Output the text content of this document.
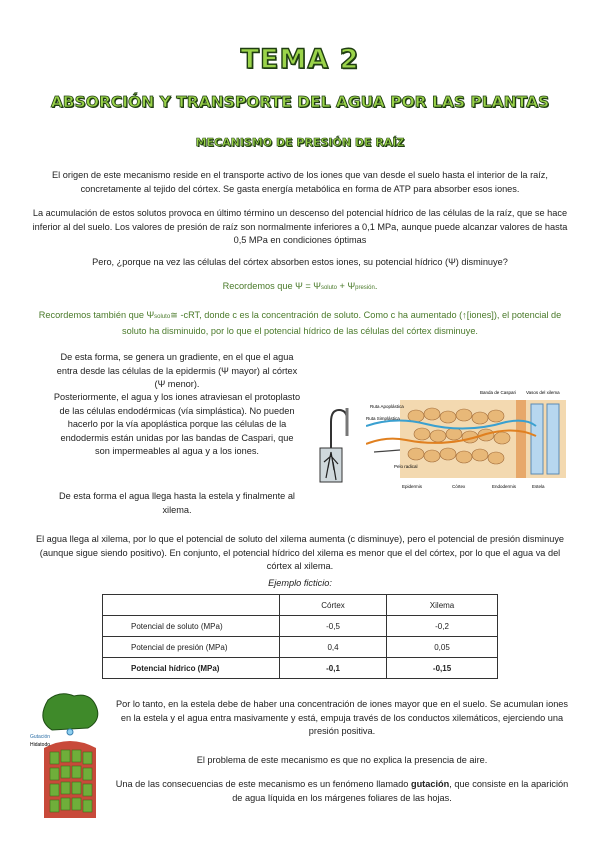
TEMA 2
ABSORCIÓN Y TRANSPORTE DEL AGUA POR LAS PLANTAS
MECANISMO DE PRESIÓN DE RAÍZ
El origen de este mecanismo reside en el transporte activo de los iones que van desde el suelo hasta el interior de la raíz, concretamente al tejido del córtex. Se gasta energía metabólica en forma de ATP para absorber esos iones.
La acumulación de estos solutos provoca en último término un descenso del potencial hídrico de las células de la raíz, que se hace inferior al del suelo. Los valores de presión de raíz son normalmente inferiores a 0,1 MPa, aunque puede alcanzar valores de hasta 0,5 MPa en condiciones óptimas
Pero, ¿porque na vez las células del córtex absorben estos iones, su potencial hídrico (Ψ) disminuye?
Recordemos que Ψ = Ψsoluto + Ψpresión.
Recordemos también que Ψsoluto≅ -cRT, donde c es la concentración de soluto. Como c ha aumentado (↑[iones]), el potencial de soluto ha disminuido, por lo que el potencial hídrico de las células del córtex disminuye.
De esta forma, se genera un gradiente, en el que el agua entra desde las células de la epidermis (Ψ mayor) al córtex (Ψ menor).
Posteriormente, el agua y los iones atraviesan el protoplasto de las células endodérmicas (vía simplástica). No pueden hacerlo por la vía apoplástica porque las células de la endodermis están unidas por las bandas de Caspari, que son impermeables al agua y a los iones.
De esta forma el agua llega hasta la estela y finalmente al xilema.
Ruta Apoplástica
Ruta Simplástica
Pelo radical
Banda de Caspari Vasos del xilema
Epidermis	Córtex	Endodermis	Estela
El agua llega al xilema, por lo que el potencial de soluto del xilema aumenta (c disminuye), pero el potencial de presión disminuye (aunque sigue siendo positivo). En conjunto, el potencial hídrico del xilema es menor que el del córtex, por lo que el agua va del córtex al xilema.
Ejemplo ficticio:
	Córtex	Xilema
Potencial de soluto (MPa)	-0,5	-0,2
Potencial de presión (MPa)	0,4	0,05
Potencial hídrico (MPa)	-0,1	-0,15
Gutación
Hidatodo
Por lo tanto, en la estela debe de haber una concentración de iones mayor que en el suelo. Se acumulan iones en la estela y el agua entra masivamente y está, empuja través de los conductos xilemáticos, ejerciendo una presión positiva.
El problema de este mecanismo es que no explica la presencia de aire.
Una de las consecuencias de este mecanismo es un fenómeno llamado gutación, que consiste en la aparición de agua líquida en los márgenes foliares de las hojas.
